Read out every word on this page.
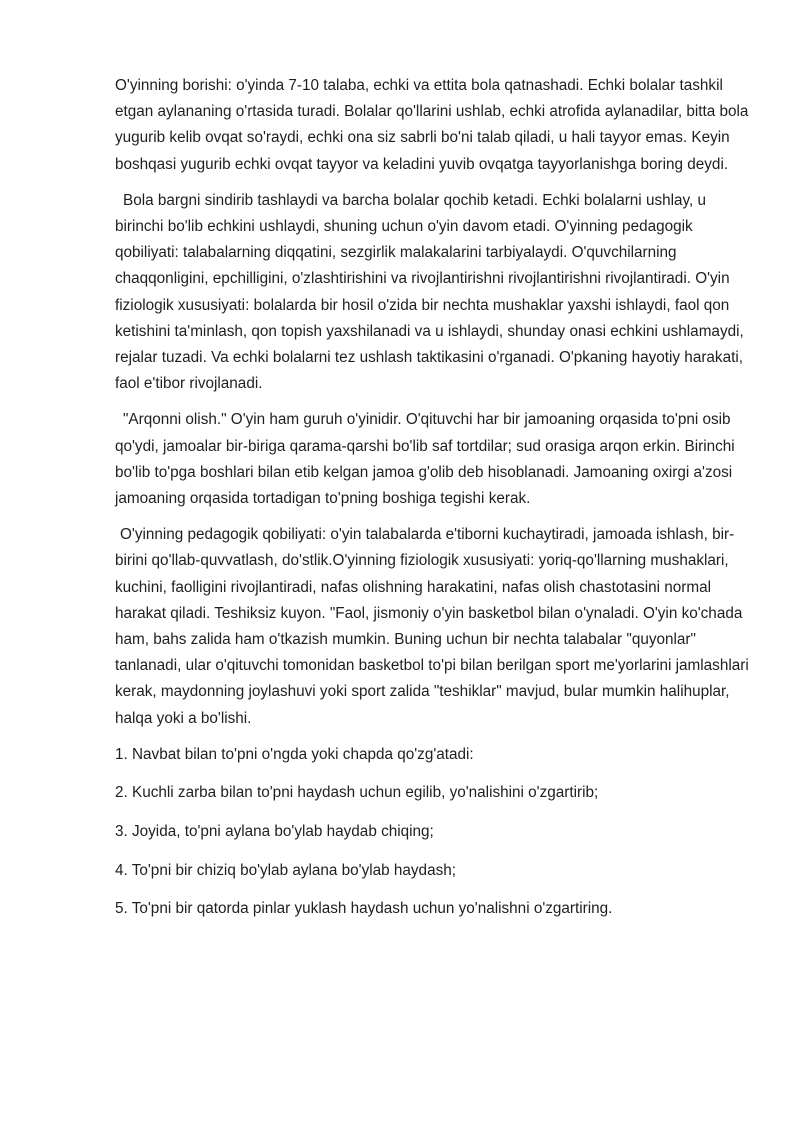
O'yinning borishi: o'yinda 7-10 talaba, echki va ettita bola qatnashadi. Echki bolalar tashkil etgan aylananing o'rtasida turadi. Bolalar qo'llarini ushlab, echki atrofida aylanadilar, bitta bola yugurib kelib ovqat so'raydi, echki ona siz sabrli bo'ni talab qiladi, u hali tayyor emas. Keyin boshqasi yugurib echki ovqat tayyor va keladini yuvib ovqatga tayyorlanishga boring deydi.

Bola bargni sindirib tashlaydi va barcha bolalar qochib ketadi. Echki bolalarni ushlay, u birinchi bo'lib echkini ushlaydi, shuning uchun o'yin davom etadi. O'yinning pedagogik qobiliyati: talabalarning diqqatini, sezgirlik malakalarini tarbiyalaydi. O'quvchilarning chaqqonligini, epchilligini, o'zlashtirishini va rivojlantirishni rivojlantirishni rivojlantiradi. O'yin fiziologik xususiyati: bolalarda bir hosil o'zida bir nechta mushaklar yaxshi ishlaydi, faol qon ketishini ta'minlash, qon topish yaxshilanadi va u ishlaydi, shunday onasi echkini ushlamaydi, rejalar tuzadi. Va echki bolalarni tez ushlash taktikasini o'rganadi. O'pkaning hayotiy harakati, faol e'tibor rivojlanadi.

"Arqonni olish." O'yin ham guruh o'yinidir. O'qituvchi har bir jamoaning orqasida to'pni osib qo'ydi, jamoalar bir-biriga qarama-qarshi bo'lib saf tortdilar; sud orasiga arqon erkin. Birinchi bo'lib to'pga boshlari bilan etib kelgan jamoa g'olib deb hisoblanadi. Jamoaning oxirgi a'zosi jamoaning orqasida tortadigan to'pning boshiga tegishi kerak.

O'yinning pedagogik qobiliyati: o'yin talabalarda e'tiborni kuchaytiradi, jamoada ishlash, bir-birini qo'llab-quvvatlash, do'stlik.O'yinning fiziologik xususiyati: yoriq-qo'llarning mushaklari, kuchini, faolligini rivojlantiradi, nafas olishning harakatini, nafas olish chastotasini normal harakat qiladi. Teshiksiz kuyon. "Faol, jismoniy o'yin basketbol bilan o'ynaladi. O'yin ko'chada ham, bahs zalida ham o'tkazish mumkin. Buning uchun bir nechta talabalar "quyonlar" tanlanadi, ular o'qituvchi tomonidan basketbol to'pi bilan berilgan sport me'yorlarini jamlashlari kerak, maydonning joylashuvi yoki sport zalida "teshiklar" mavjud, bular mumkin halihuplar, halqa yoki a bo'lishi.

1. Navbat bilan to'pni o'ngda yoki chapda qo'zg'atadi:
2. Kuchli zarba bilan to'pni haydash uchun egilib, yo'nalishini o'zgartirib;
3. Joyida, to'pni aylana bo'ylab haydab chiqing;
4. To'pni bir chiziq bo'ylab aylana bo'ylab haydash;
5. To'pni bir qatorda pinlar yuklash haydash uchun yo'nalishni o'zgartiring.
